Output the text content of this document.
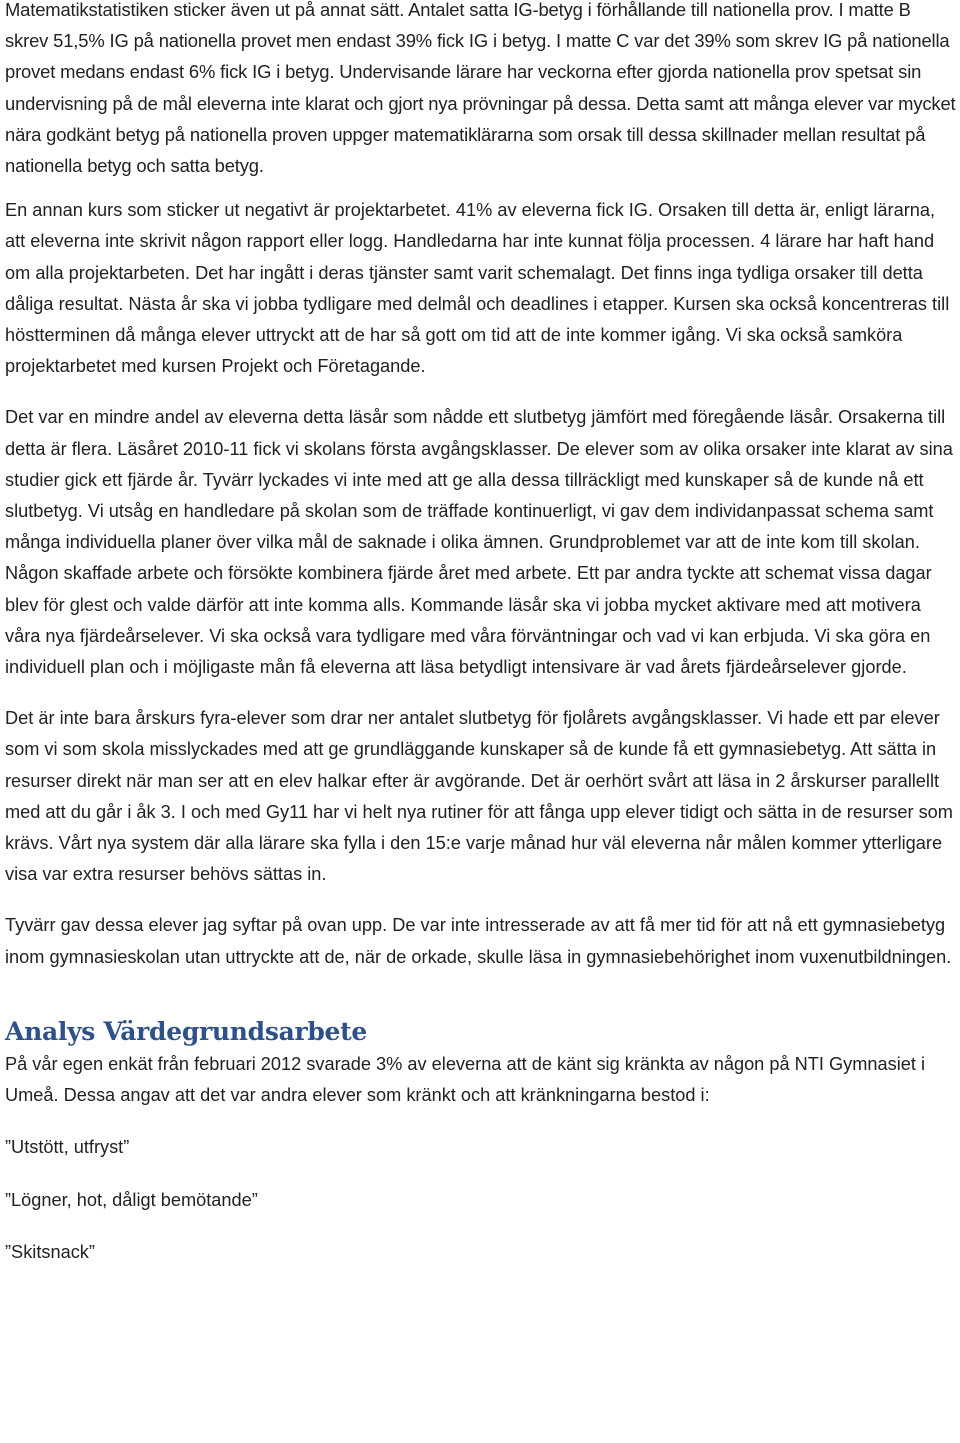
Matematikstatistiken sticker även ut på annat sätt. Antalet satta IG-betyg i förhållande till nationella prov. I matte B skrev 51,5% IG på nationella provet men endast 39% fick IG i betyg. I matte C var det 39% som skrev IG på nationella provet medans endast 6% fick IG i betyg. Undervisande lärare har veckorna efter gjorda nationella prov spetsat sin undervisning på de mål eleverna inte klarat och gjort nya prövningar på dessa. Detta samt att många elever var mycket nära godkänt betyg på nationella proven uppger matematiklärarna som orsak till dessa skillnader mellan resultat på nationella betyg och satta betyg.

En annan kurs som sticker ut negativt är projektarbetet. 41% av eleverna fick IG. Orsaken till detta är, enligt lärarna, att eleverna inte skrivit någon rapport eller logg. Handledarna har inte kunnat följa processen. 4 lärare har haft hand om alla projektarbeten. Det har ingått i deras tjänster samt varit schemalagt. Det finns inga tydliga orsaker till detta dåliga resultat. Nästa år ska vi jobba tydligare med delmål och deadlines i etapper. Kursen ska också koncentreras till höstterminen då många elever uttryckt att de har så gott om tid att de inte kommer igång. Vi ska också samköra projektarbetet med kursen Projekt och Företagande.

Det var en mindre andel av eleverna detta läsår som nådde ett slutbetyg jämfört med föregående läsår. Orsakerna till detta är flera. Läsåret 2010-11 fick vi skolans första avgångsklasser. De elever som av olika orsaker inte klarat av sina studier gick ett fjärde år. Tyvärr lyckades vi inte med att ge alla dessa tillräckligt med kunskaper så de kunde nå ett slutbetyg. Vi utsåg en handledare på skolan som de träffade kontinuerligt, vi gav dem individanpassat schema samt många individuella planer över vilka mål de saknade i olika ämnen. Grundproblemet var att de inte kom till skolan. Någon skaffade arbete och försökte kombinera fjärde året med arbete. Ett par andra tyckte att schemat vissa dagar blev för glest och valde därför att inte komma alls. Kommande läsår ska vi jobba mycket aktivare med att motivera våra nya fjärdeårselever. Vi ska också vara tydligare med våra förväntningar och vad vi kan erbjuda. Vi ska göra en individuell plan och i möjligaste mån få eleverna att läsa betydligt intensivare är vad årets fjärdeårselever gjorde.

Det är inte bara årskurs fyra-elever som drar ner antalet slutbetyg för fjolårets avgångsklasser. Vi hade ett par elever som vi som skola misslyckades med att ge grundläggande kunskaper så de kunde få ett gymnasiebetyg. Att sätta in resurser direkt när man ser att en elev halkar efter är avgörande. Det är oerhört svårt att läsa in 2 årskurser parallellt med att du går i åk 3. I och med Gy11 har vi helt nya rutiner för att fånga upp elever tidigt och sätta in de resurser som krävs. Vårt nya system där alla lärare ska fylla i den 15:e varje månad hur väl eleverna når målen kommer ytterligare visa var extra resurser behövs sättas in.

Tyvärr gav dessa elever jag syftar på ovan upp. De var inte intresserade av att få mer tid för att nå ett gymnasiebetyg inom gymnasieskolan utan uttryckte att de, när de orkade, skulle läsa in gymnasiebehörighet inom vuxenutbildningen.

Analys Värdegrundsarbete

På vår egen enkät från februari 2012 svarade 3% av eleverna att de känt sig kränkta av någon på NTI Gymnasiet i Umeå. Dessa angav att det var andra elever som kränkt och att kränkningarna bestod i:

”Utstött, utfryst”

”Lögner, hot, dåligt bemötande”

”Skitsnack”
